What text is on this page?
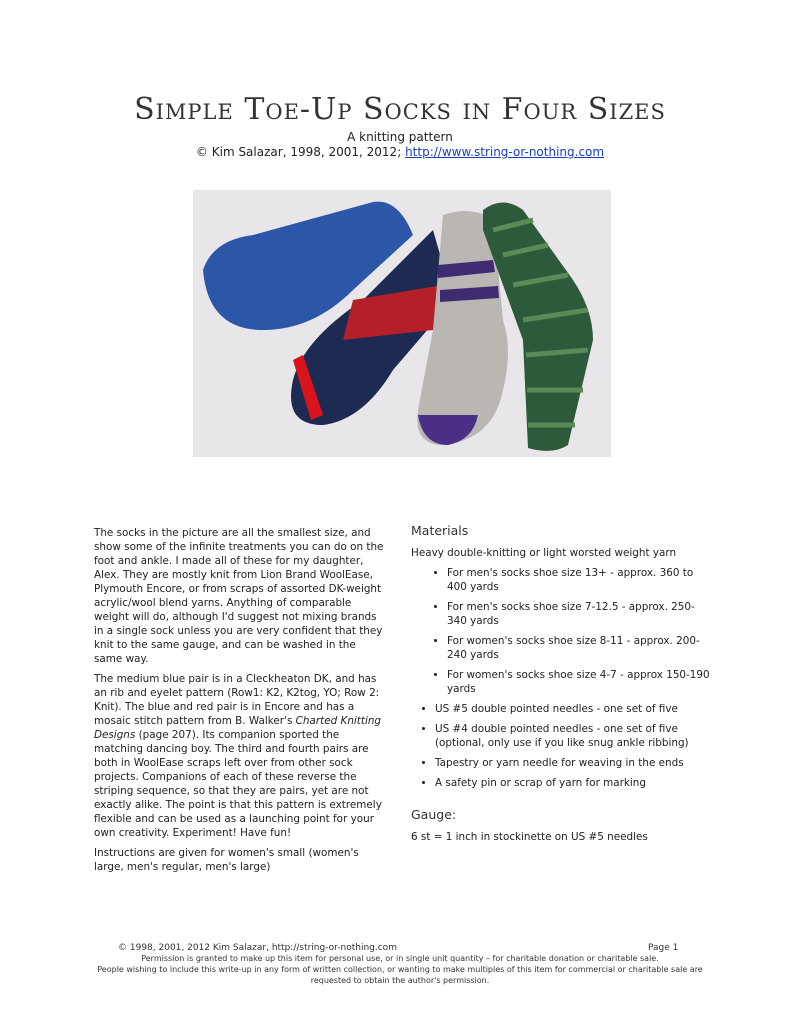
Simple Toe-Up Socks in Four Sizes
A knitting pattern
© Kim Salazar, 1998, 2001, 2012; http://www.string-or-nothing.com

The socks in the picture are all the smallest size, and show some of the infinite treatments you can do on the foot and ankle. I made all of these for my daughter, Alex. They are mostly knit from Lion Brand WoolEase, Plymouth Encore, or from scraps of assorted DK-weight acrylic/wool blend yarns. Anything of comparable weight will do, although I'd suggest not mixing brands in a single sock unless you are very confident that they knit to the same gauge, and can be washed in the same way.

The medium blue pair is in a Cleckheaton DK, and has an rib and eyelet pattern (Row1: K2, K2tog, YO; Row 2: Knit). The blue and red pair is in Encore and has a mosaic stitch pattern from B. Walker's Charted Knitting Designs (page 207). Its companion sported the matching dancing boy. The third and fourth pairs are both in WoolEase scraps left over from other sock projects. Companions of each of these reverse the striping sequence, so that they are pairs, yet are not exactly alike. The point is that this pattern is extremely flexible and can be used as a launching point for your own creativity. Experiment! Have fun!

Instructions are given for women's small (women's large, men's regular, men's large)

Materials

Heavy double-knitting or light worsted weight yarn

• For men's socks shoe size 13+ - approx. 360 to 400 yards
• For men's socks shoe size 7-12.5 - approx. 250-340 yards
• For women's socks shoe size 8-11 - approx. 200-240 yards
• For women's socks shoe size 4-7 - approx 150-190 yards
• US #5 double pointed needles - one set of five
• US #4 double pointed needles - one set of five (optional, only use if you like snug ankle ribbing)
• Tapestry or yarn needle for weaving in the ends
• A safety pin or scrap of yarn for marking
Gauge:

6 st = 1 inch in stockinette on US #5 needles

© 1998, 2001, 2012 Kim Salazar, http://string-or-nothing.com	Page 1
Permission is granted to make up this item for personal use, or in single unit quantity – for charitable donation or charitable sale.
People wishing to include this write-up in any form of written collection, or wanting to make multiples of this item for commercial or charitable sale are
requested to obtain the author's permission.
